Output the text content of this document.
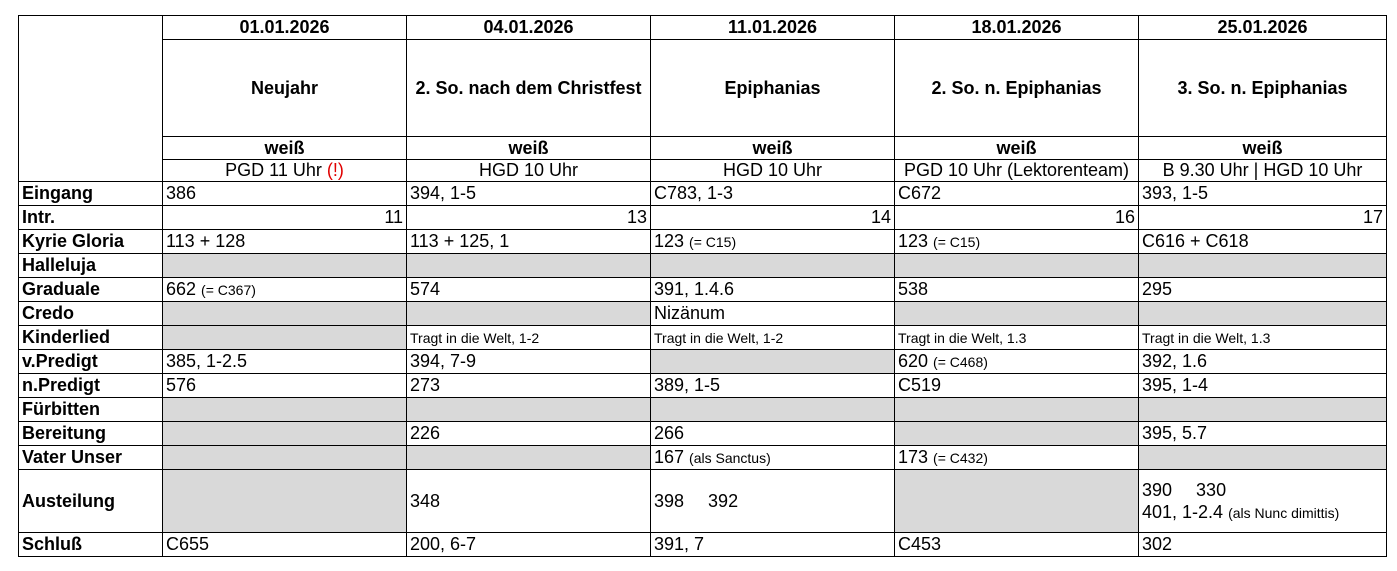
	01.01.2026	04.01.2026	11.01.2026	18.01.2026	25.01.2026
	Neujahr	2. So. nach dem Christfest	Epiphanias	2. So. n. Epiphanias	3. So. n. Epiphanias
	weiß	weiß	weiß	weiß	weiß
	PGD 11 Uhr (!)	HGD 10 Uhr	HGD 10 Uhr	PGD 10 Uhr (Lektorenteam)	B 9.30 Uhr | HGD 10 Uhr
Eingang	386	394, 1-5	C783, 1-3	C672	393, 1-5
Intr.	11	13	14	16	17
Kyrie Gloria	113 + 128	113 + 125, 1	123 (= C15)	123 (= C15)	C616 + C618
Halleluja					
Graduale	662 (= C367)	574	391, 1.4.6	538	295
Credo			Nizänum		
Kinderlied		Tragt in die Welt, 1-2	Tragt in die Welt, 1-2	Tragt in die Welt, 1.3	Tragt in die Welt, 1.3
v.Predigt	385, 1-2.5	394, 7-9		620 (= C468)	392, 1.6
n.Predigt	576	273	389, 1-5	C519	395, 1-4
Fürbitten					
Bereitung		226	266		395, 5.7
Vater Unser			167 (als Sanctus)	173 (= C432)	
Austeilung		348	398 392		390 330
401, 1-2.4 (als Nunc dimittis)

Schluß	C655	200, 6-7	391, 7	C453	302
